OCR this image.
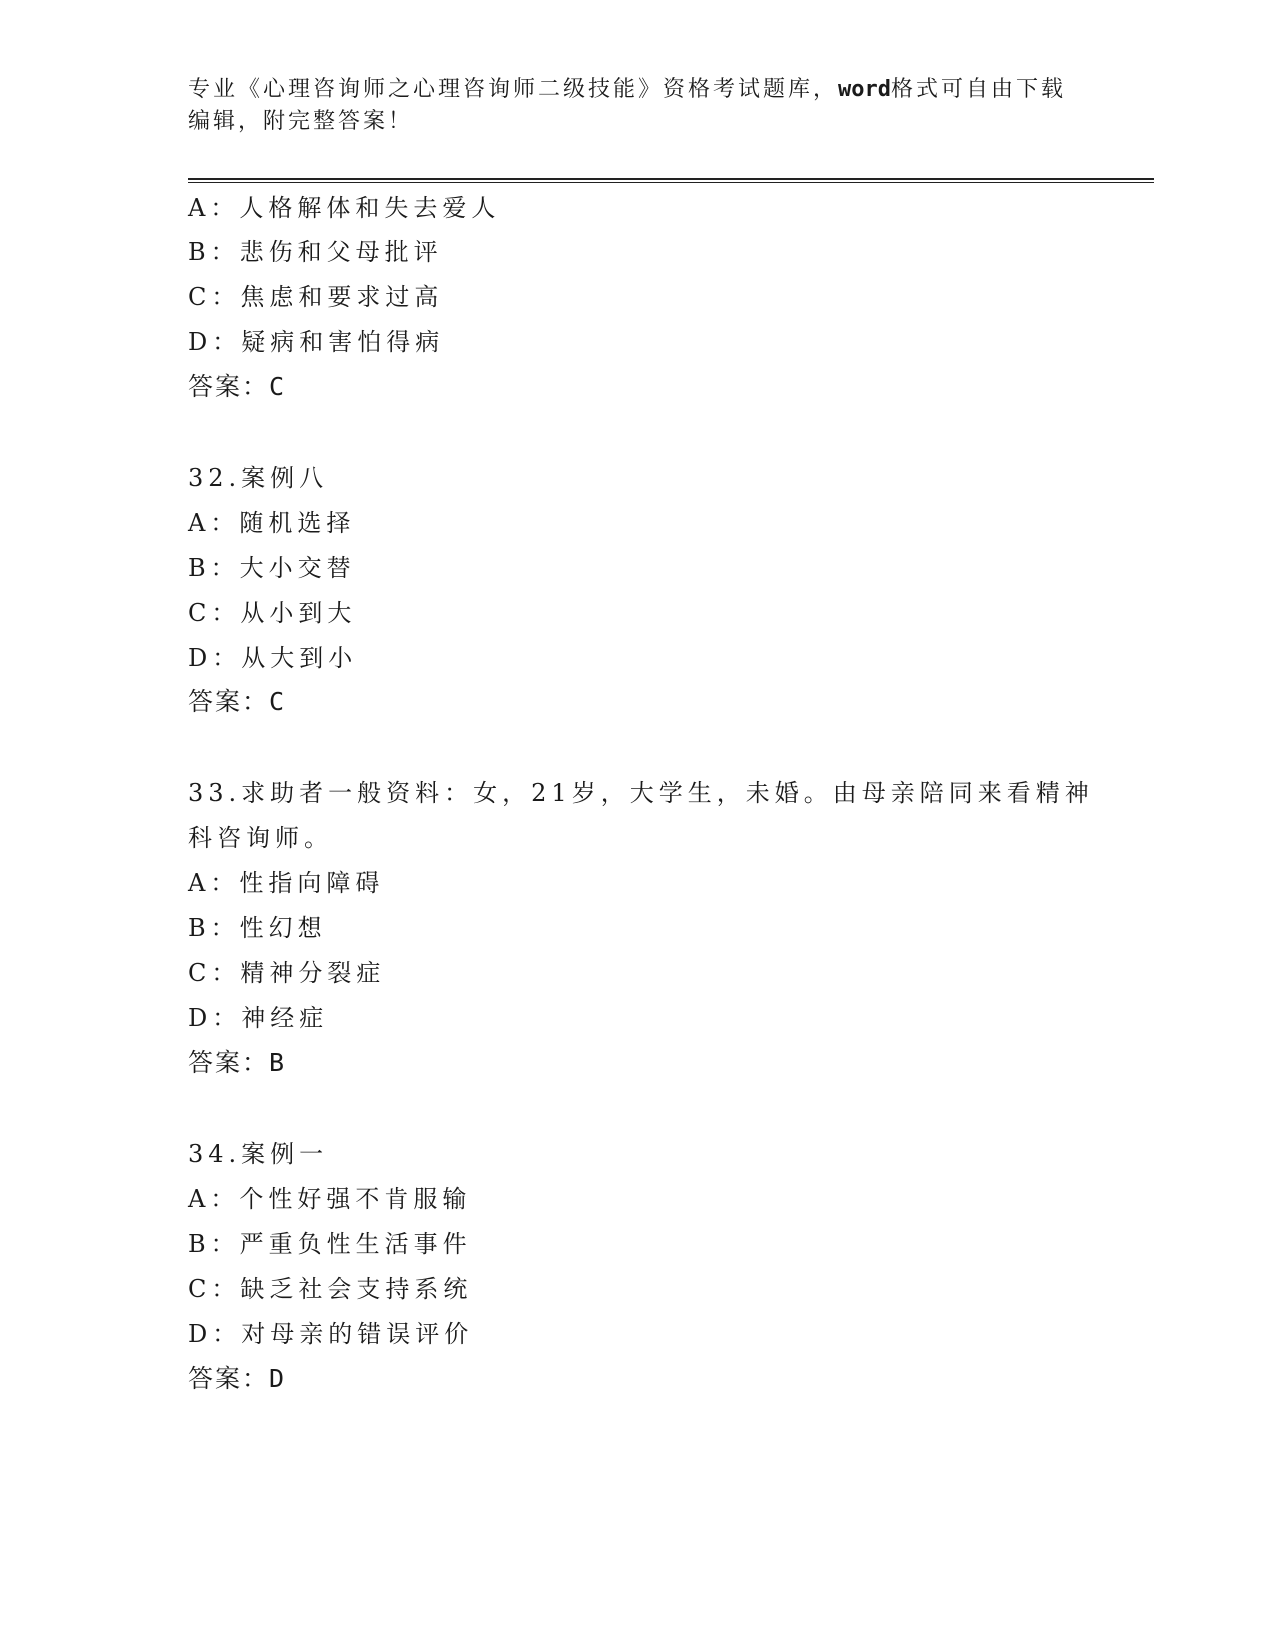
专业《心理咨询师之心理咨询师二级技能》资格考试题库，word格式可自由下载
编辑，附完整答案！
A：人格解体和失去爱人
B：悲伤和父母批评
C：焦虑和要求过高
D：疑病和害怕得病
答案：C
32.案例八
A：随机选择
B：大小交替
C：从小到大
D：从大到小
答案：C
33.求助者一般资料：女，21岁，大学生，未婚。由母亲陪同来看精神
科咨询师。
A：性指向障碍
B：性幻想
C：精神分裂症
D：神经症
答案：B
34.案例一
A：个性好强不肯服输
B：严重负性生活事件
C：缺乏社会支持系统
D：对母亲的错误评价
答案：D
